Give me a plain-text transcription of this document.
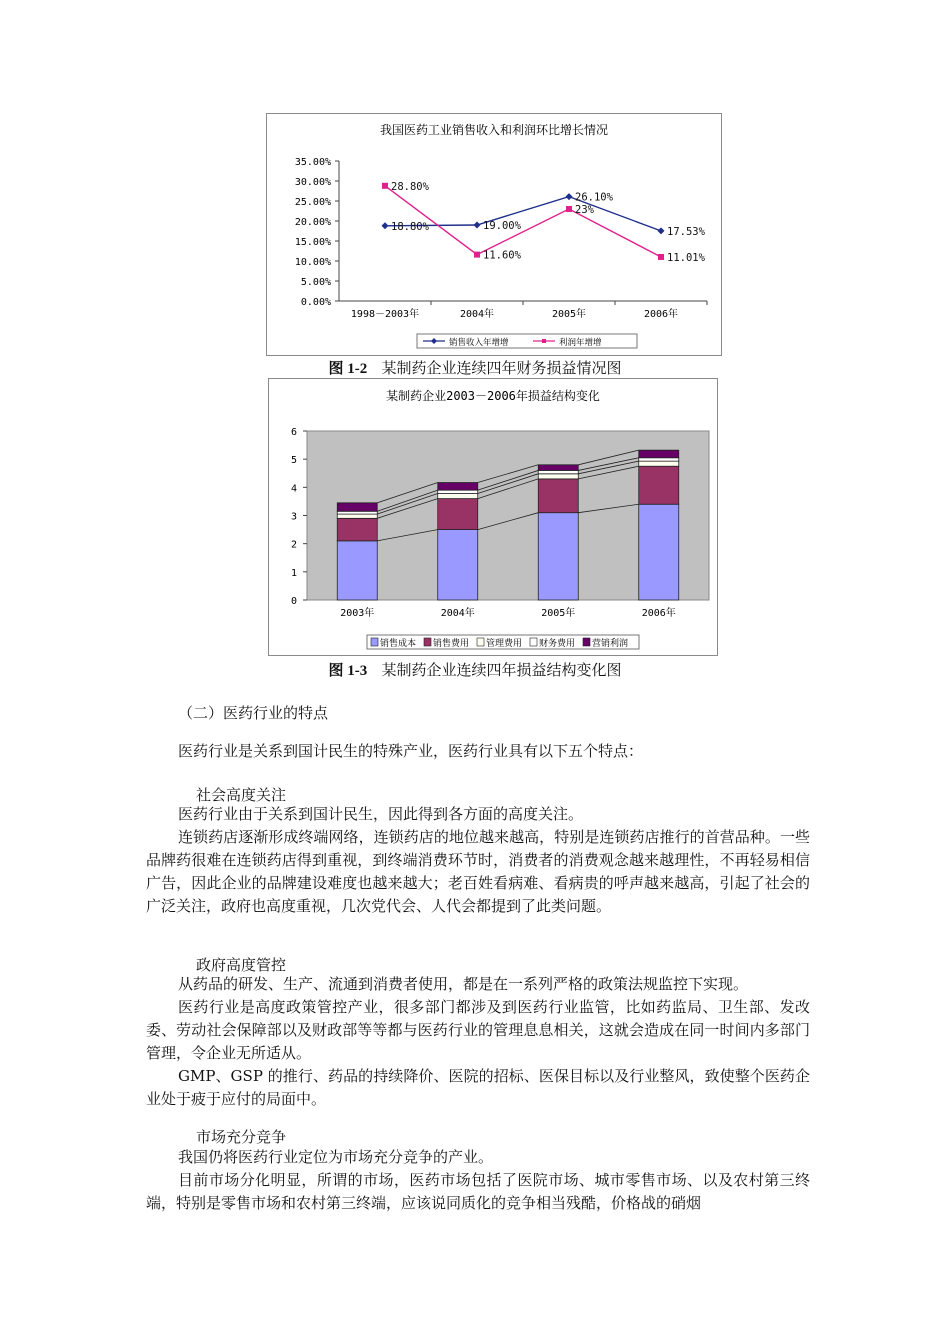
我国医药工业销售收入和利润环比增长情况
35.00%
30.00%
25.00%
20.00%
15.00%
10.00%
5.00%
0.00%
1998－2003年	2004年	2005年	2006年
18.80%	19.00%
26.10%
17.53%
28.80%
11.60%
23%
11.01%
销售收入年增增	利润年增增
图 1-2 某制药企业连续四年财务损益情况图
某制药企业2003－2006年损益结构变化
6
5
4
3
2
1
0
2003年	2004年	2005年	2006年
销售成本 销售费用 管理费用 财务费用 营销利润
图 1-3 某制药企业连续四年损益结构变化图
（二）医药行业的特点

医药行业是关系到国计民生的特殊产业，医药行业具有以下五个特点：

社会高度关注

医药行业由于关系到国计民生，因此得到各方面的高度关注。

连锁药店逐渐形成终端网络，连锁药店的地位越来越高，特别是连锁药店推行的首营品种。一些品牌药很难在连锁药店得到重视，到终端消费环节时，消费者的消费观念越来越理性，不再轻易相信广告，因此企业的品牌建设难度也越来越大；老百姓看病难、看病贵的呼声越来越高，引起了社会的广泛关注，政府也高度重视，几次党代会、人代会都提到了此类问题。

政府高度管控

从药品的研发、生产、流通到消费者使用，都是在一系列严格的政策法规监控下实现。

医药行业是高度政策管控产业，很多部门都涉及到医药行业监管，比如药监局、卫生部、发改委、劳动社会保障部以及财政部等等都与医药行业的管理息息相关，这就会造成在同一时间内多部门管理，令企业无所适从。

GMP、GSP 的推行、药品的持续降价、医院的招标、医保目标以及行业整风，致使整个医药企业处于疲于应付的局面中。

市场充分竞争

我国仍将医药行业定位为市场充分竞争的产业。

目前市场分化明显，所谓的市场，医药市场包括了医院市场、城市零售市场、以及农村第三终端，特别是零售市场和农村第三终端，应该说同质化的竞争相当残酷，价格战的硝烟
